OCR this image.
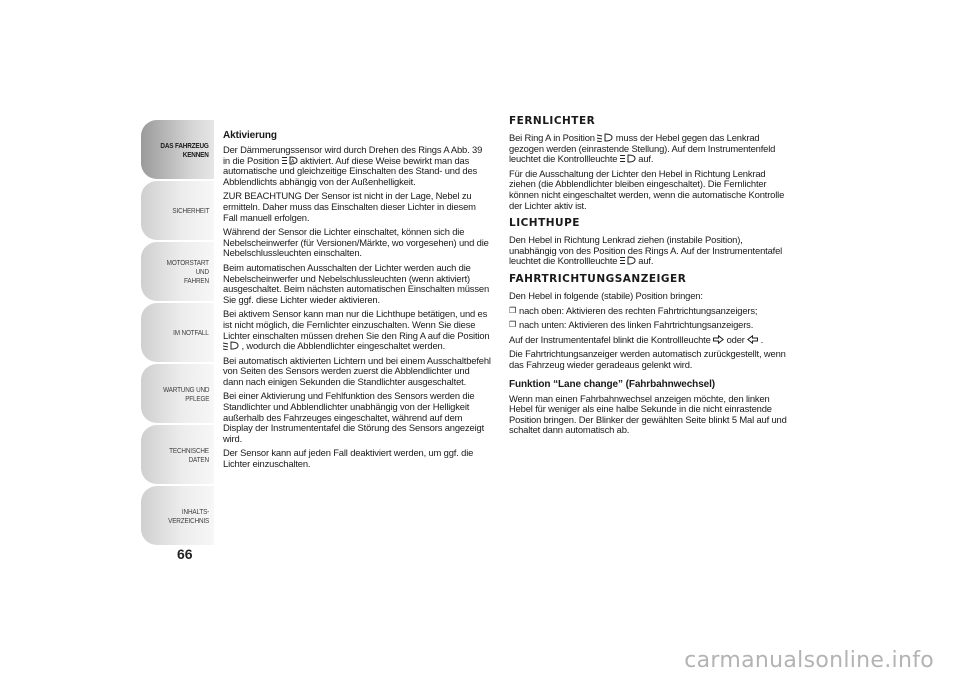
DAS FAHRZEUG
KENNEN
SICHERHEIT
MOTORSTART UND
FAHREN
IM NOTFALL
WARTUNG UND
PFLEGE
TECHNISCHE DATEN
INHALTS-
VERZEICHNIS
66
Aktivierung

Der Dämmerungssensor wird durch Drehen des Rings A Abb. 39 in die Position A aktiviert. Auf diese Weise bewirkt man das automatische und gleichzeitige Einschalten des Stand- und des Abblendlichts abhängig von der Außenhelligkeit.

ZUR BEACHTUNG Der Sensor ist nicht in der Lage, Nebel zu ermitteln. Daher muss das Einschalten dieser Lichter in diesem Fall manuell erfolgen.

Während der Sensor die Lichter einschaltet, können sich die Nebelscheinwerfer (für Versionen/Märkte, wo vorgesehen) und die Nebelschlussleuchten einschalten.

Beim automatischen Ausschalten der Lichter werden auch die Nebelscheinwerfer und Nebelschlussleuchten (wenn aktiviert) ausgeschaltet. Beim nächsten automatischen Einschalten müssen Sie ggf. diese Lichter wieder aktivieren.

Bei aktivem Sensor kann man nur die Lichthupe betätigen, und es ist nicht möglich, die Fernlichter einzuschalten. Wenn Sie diese Lichter einschalten müssen drehen Sie den Ring A auf die Position  , wodurch die Abblendlichter eingeschaltet werden.

Bei automatisch aktivierten Lichtern und bei einem Ausschaltbefehl von Seiten des Sensors werden zuerst die Abblendlichter und dann nach einigen Sekunden die Standlichter ausgeschaltet.

Bei einer Aktivierung und Fehlfunktion des Sensors werden die Standlichter und Abblendlichter unabhängig von der Helligkeit außerhalb des Fahrzeuges eingeschaltet, während auf dem Display der Instrumententafel die Störung des Sensors angezeigt wird.

Der Sensor kann auf jeden Fall deaktiviert werden, um ggf. die Lichter einzuschalten.

FERNLICHTER

Bei Ring A in Position  muss der Hebel gegen das Lenkrad gezogen werden (einrastende Stellung). Auf dem Instrumentenfeld leuchtet die Kontrollleuchte  auf.

Für die Ausschaltung der Lichter den Hebel in Richtung Lenkrad ziehen (die Abblendlichter bleiben eingeschaltet). Die Fernlichter können nicht eingeschaltet werden, wenn die automatische Kontrolle der Lichter aktiv ist.

LICHTHUPE

Den Hebel in Richtung Lenkrad ziehen (instabile Position), unabhängig von des Position des Rings A. Auf der Instrumententafel leuchtet die Kontrollleuchte  auf.

FAHRTRICHTUNGSANZEIGER

Den Hebel in folgende (stabile) Position bringen:

❒ nach oben: Aktivieren des rechten Fahrtrichtungsanzeigers;

❒ nach unten: Aktivieren des linken Fahrtrichtungsanzeigers.

Auf der Instrumententafel blinkt die Kontrollleuchte  oder  .

Die Fahrtrichtungsanzeiger werden automatisch zurückgestellt, wenn das Fahrzeug wieder geradeaus gelenkt wird.

Funktion “Lane change” (Fahrbahnwechsel)

Wenn man einen Fahrbahnwechsel anzeigen möchte, den linken Hebel für weniger als eine halbe Sekunde in die nicht einrastende Position bringen. Der Blinker der gewählten Seite blinkt 5 Mal auf und schaltet dann automatisch ab.

carmanualsonline.info
